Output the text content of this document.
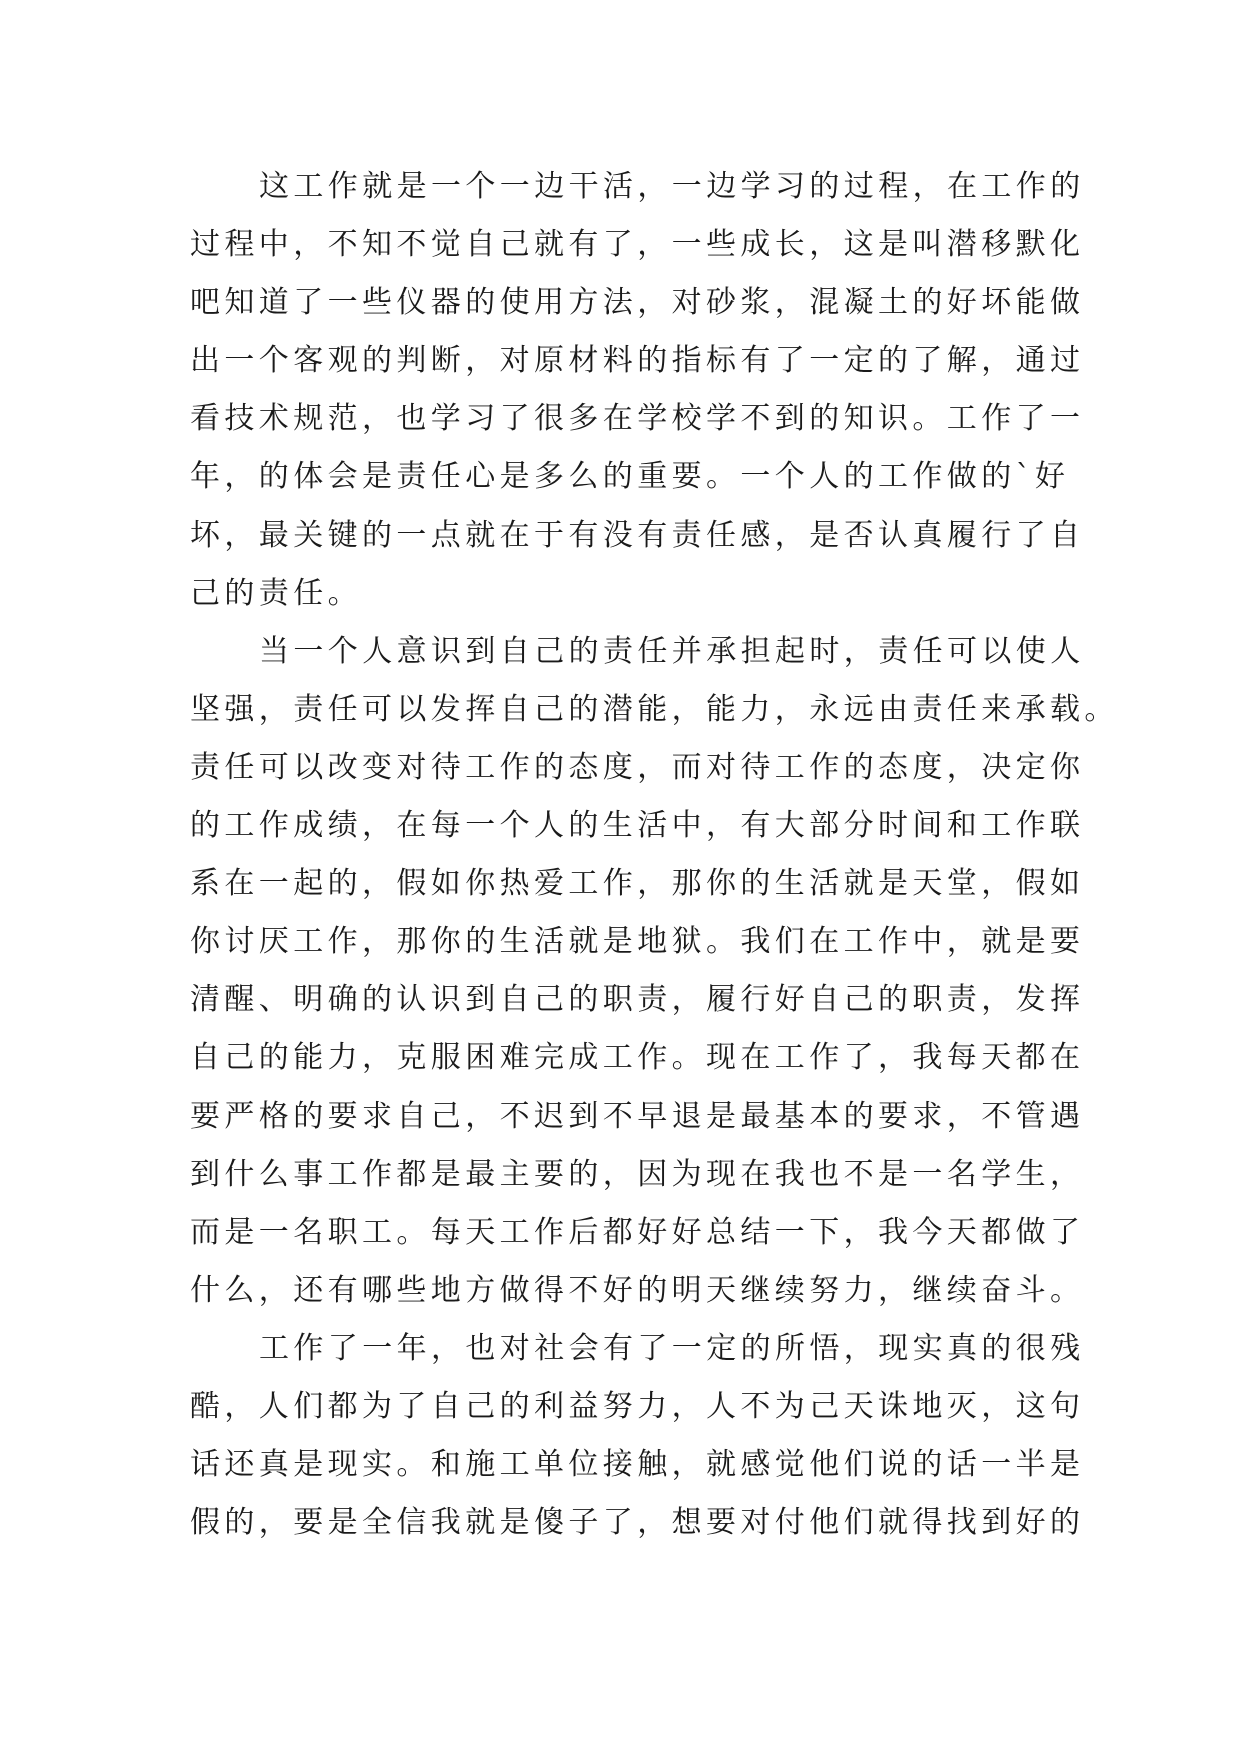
这工作就是一个一边干活，一边学习的过程，在工作的
过程中，不知不觉自己就有了，一些成长，这是叫潜移默化
吧知道了一些仪器的使用方法，对砂浆，混凝土的好坏能做
出一个客观的判断，对原材料的指标有了一定的了解，通过
看技术规范，也学习了很多在学校学不到的知识。工作了一
年，的体会是责任心是多么的重要。一个人的工作做的`好
坏，最关键的一点就在于有没有责任感，是否认真履行了自
己的责任。
当一个人意识到自己的责任并承担起时，责任可以使人
坚强，责任可以发挥自己的潜能，能力，永远由责任来承载。
责任可以改变对待工作的态度，而对待工作的态度，决定你
的工作成绩，在每一个人的生活中，有大部分时间和工作联
系在一起的，假如你热爱工作，那你的生活就是天堂，假如
你讨厌工作，那你的生活就是地狱。我们在工作中，就是要
清醒、明确的认识到自己的职责，履行好自己的职责，发挥
自己的能力，克服困难完成工作。现在工作了，我每天都在
要严格的要求自己，不迟到不早退是最基本的要求，不管遇
到什么事工作都是最主要的，因为现在我也不是一名学生，
而是一名职工。每天工作后都好好总结一下，我今天都做了
什么，还有哪些地方做得不好的明天继续努力，继续奋斗。
工作了一年，也对社会有了一定的所悟，现实真的很残
酷，人们都为了自己的利益努力，人不为己天诛地灭，这句
话还真是现实。和施工单位接触，就感觉他们说的话一半是
假的，要是全信我就是傻子了，想要对付他们就得找到好的
